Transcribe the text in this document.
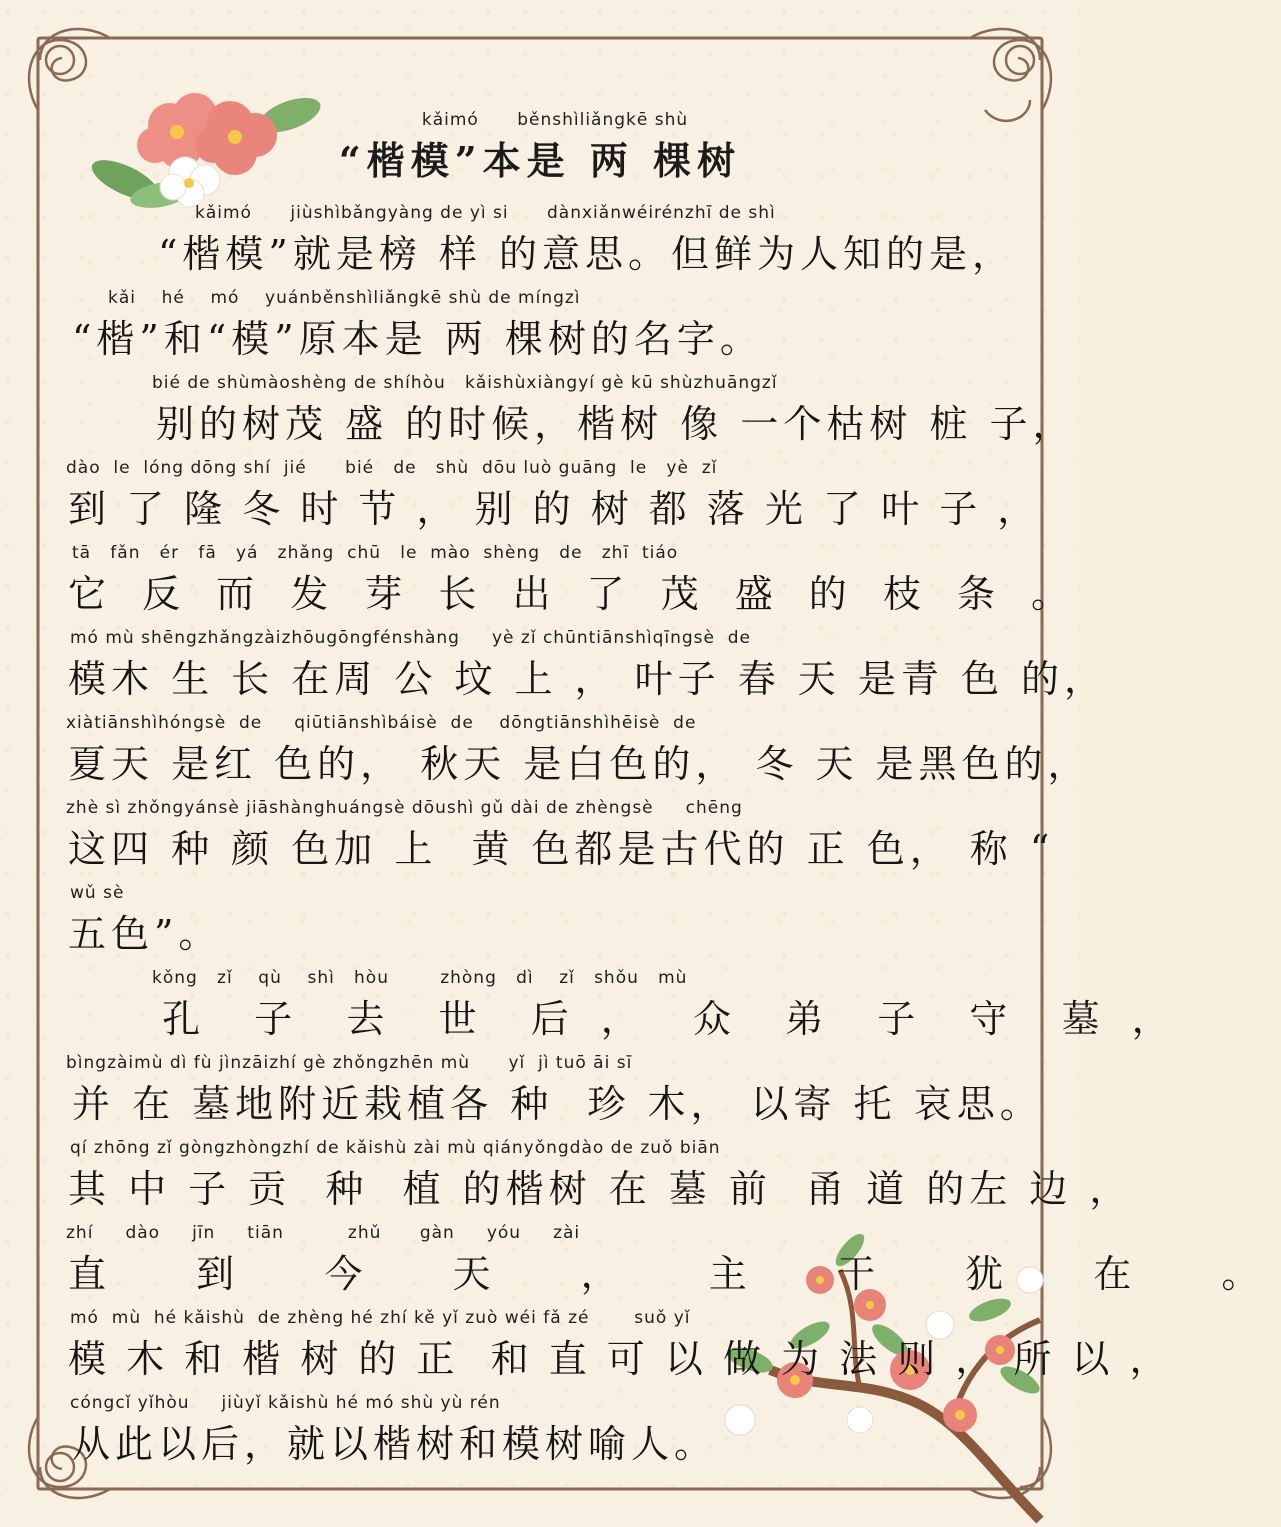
kǎimó      běnshìliǎngkē shù
“楷模”本是 两 棵树
kǎimó      jiùshìbǎngyàng de yì si      dànxiǎnwéirénzhī de shì
“楷模”就是榜 样 的意思。但鲜为人知的是，
kǎi    hé    mó    yuánběnshìliǎngkē shù de míngzì
“楷”和“模”原本是 两 棵树的名字。
bié de shùmàoshèng de shíhòu   kǎishùxiàngyí gè kū shùzhuāngzǐ
别的树茂 盛 的时候，楷树 像 一个枯树 桩 子，
dào  le  lóng dōng shí  jié      bié   de   shù  dōu luò guāng  le   yè  zǐ
到 了 隆 冬 时 节 ， 别 的 树 都 落 光 了 叶 子 ，
tā   fǎn   ér   fā   yá   zhǎng  chū   le  mào  shèng   de   zhī  tiáo
它 反 而 发 芽 长 出 了 茂 盛 的 枝 条 。
mó mù shēngzhǎngzàizhōugōngfénshàng     yè zǐ chūntiānshìqīngsè  de
模木 生 长 在周 公 坟 上 ， 叶子 春 天 是青 色 的，
xiàtiānshìhóngsè  de     qiūtiānshìbáisè  de    dōngtiānshìhēisè  de
夏天 是红 色的， 秋天 是白色的， 冬 天 是黑色的，
zhè sì zhǒngyánsè jiāshànghuángsè dōushì gǔ dài de zhèngsè     chēng
这四 种 颜 色加 上  黄 色都是古代的 正 色， 称 “
wǔ sè
五色”。
kǒng   zǐ    qù    shì   hòu        zhòng   dì    zǐ   shǒu   mù
孔  子  去  世  后 ，  众  弟  子  守  墓 ，
bìngzàimù dì fù jìnzāizhí gè zhǒngzhēn mù      yǐ  jì tuō āi sī
并 在 墓地附近栽植各 种  珍 木， 以寄 托 哀思。
qí zhōng zǐ gòngzhòngzhí de kǎishù zài mù qiányǒngdào de zuǒ biān
其 中 子 贡  种  植 的楷树 在 墓 前  甬 道 的左 边 ，
zhí     dào     jīn     tiān          zhǔ      gàn     yóu     zài
直  到  今  天  ，  主  干  犹  在  。
mó  mù  hé kǎishù  de zhèng hé zhí kě yǐ zuò wéi fǎ zé       suǒ yǐ
模 木 和 楷 树 的 正  和 直 可 以 做 为 法 则 ， 所 以 ，
cóngcǐ yǐhòu     jiùyǐ kǎishù hé mó shù yù rén
从此以后，就以楷树和模树喻人。
